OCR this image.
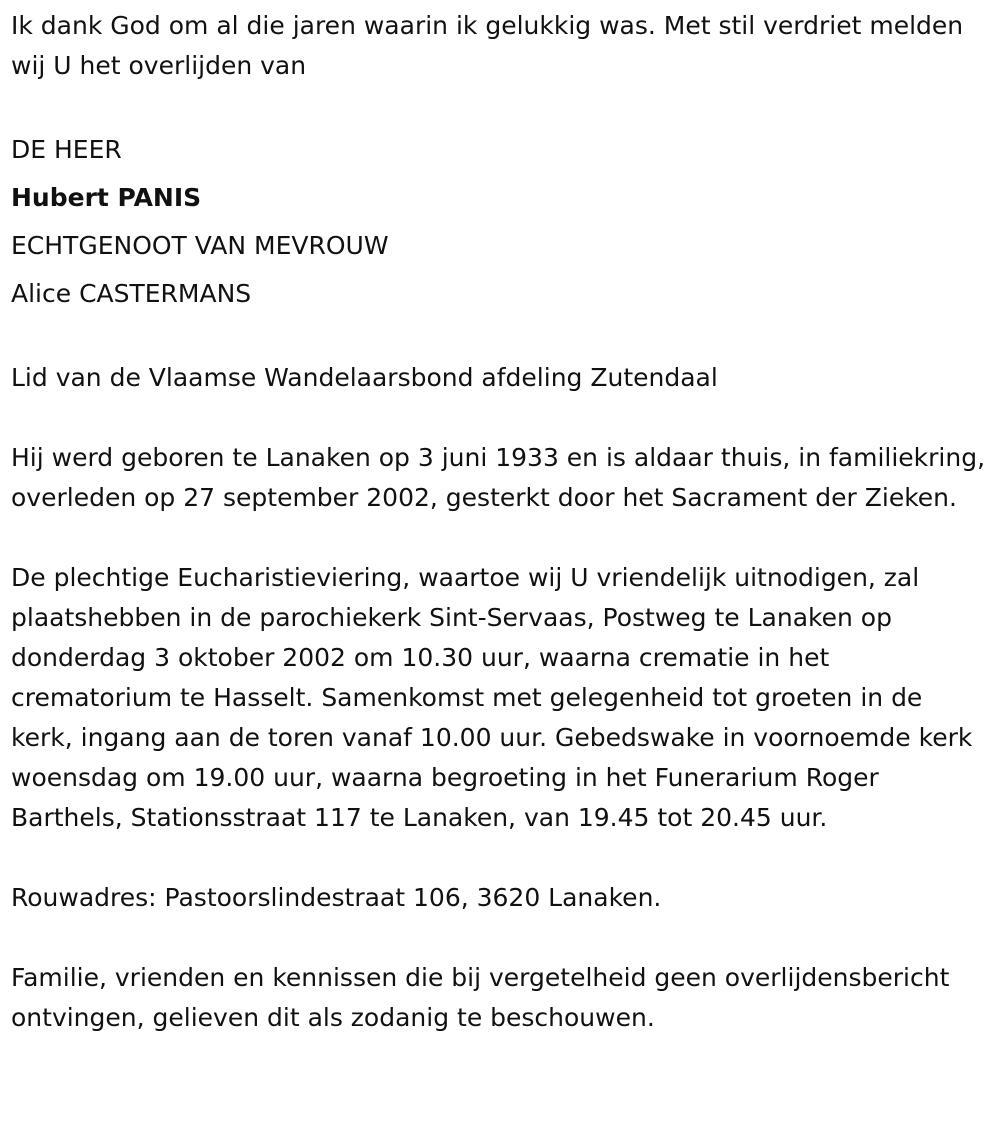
Ik dank God om al die jaren waarin ik gelukkig was. Met stil verdriet melden wij U het overlijden van

DE HEER

Hubert PANIS

ECHTGENOOT VAN MEVROUW

Alice CASTERMANS

Lid van de Vlaamse Wandelaarsbond afdeling Zutendaal

Hij werd geboren te Lanaken op 3 juni 1933 en is aldaar thuis, in familiekring, overleden op 27 september 2002, gesterkt door het Sacrament der Zieken.

De plechtige Eucharistieviering, waartoe wij U vriendelijk uitnodigen, zal plaatshebben in de parochiekerk Sint-Servaas, Postweg te Lanaken op donderdag 3 oktober 2002 om 10.30 uur, waarna crematie in het crematorium te Hasselt. Samenkomst met gelegenheid tot groeten in de kerk, ingang aan de toren vanaf 10.00 uur. Gebedswake in voornoemde kerk woensdag om 19.00 uur, waarna begroeting in het Funerarium Roger Barthels, Stationsstraat 117 te Lanaken, van 19.45 tot 20.45 uur.

Rouwadres: Pastoorslindestraat 106, 3620 Lanaken.

Familie, vrienden en kennissen die bij vergetelheid geen overlijdensbericht ontvingen, gelieven dit als zodanig te beschouwen.
